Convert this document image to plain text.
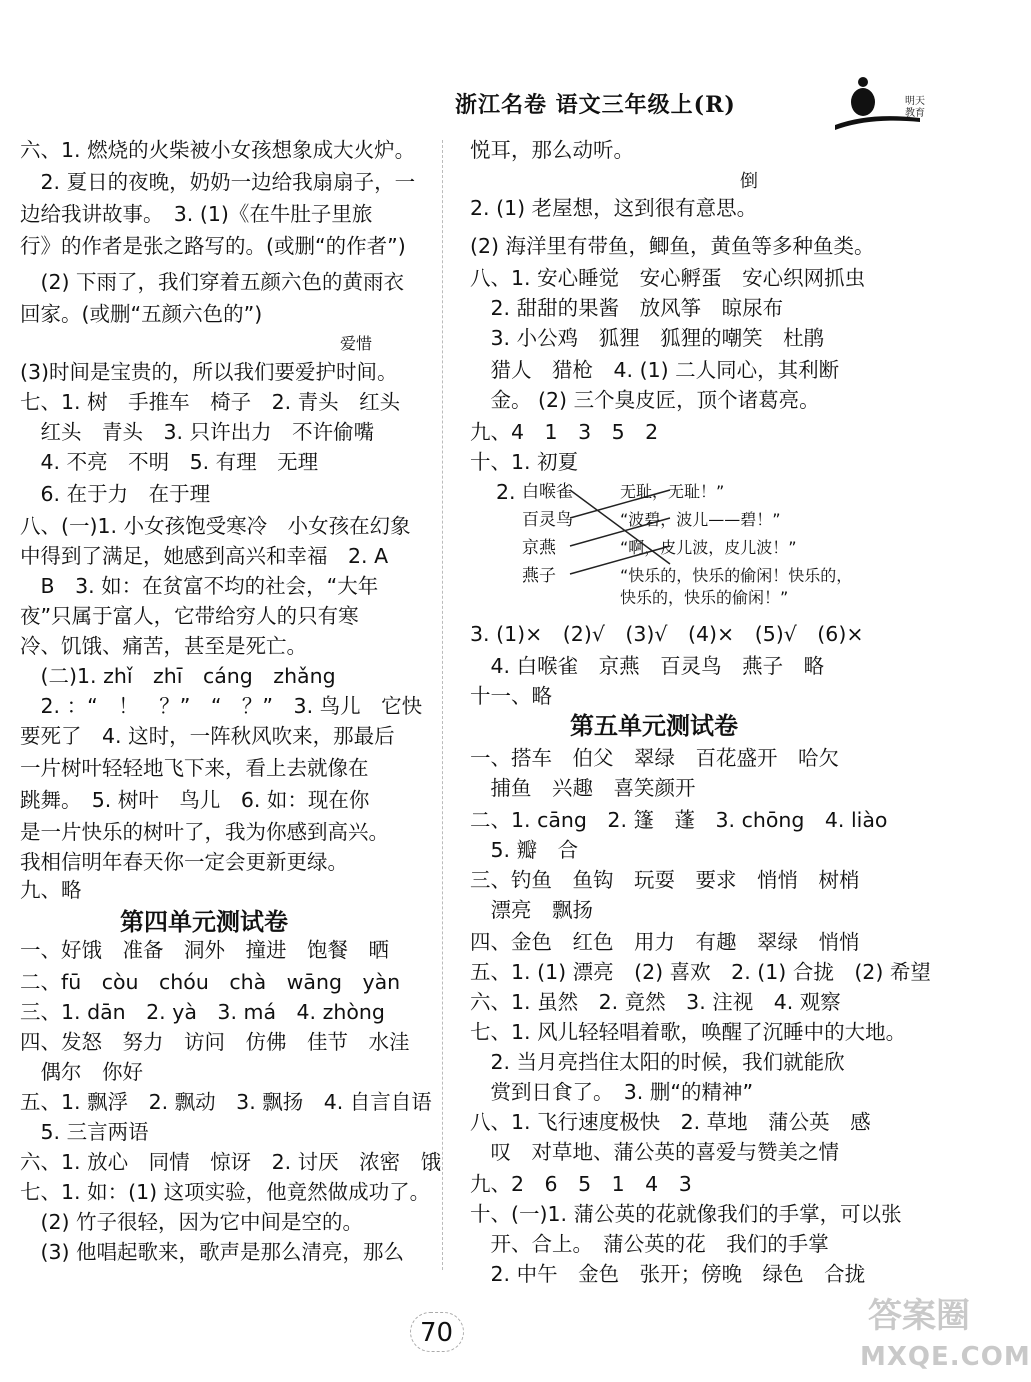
浙江名卷 语文三年级上(R)	明天
教育
六、1. 燃烧的火柴被小女孩想象成大火炉。
　2. 夏日的夜晚，奶奶一边给我扇扇子，一
边给我讲故事。　3. (1)《在牛肚子里旅
行》的作者是张之路写的。(或删“的作者”)
　(2) 下雨了，我们穿着五颜六色的黄雨衣
回家。(或删“五颜六色的”)
爱惜
(3)时间是宝贵的，所以我们要爱护时间。
七、1. 树　手推车　椅子　2. 青头　红头
　红头　青头　3. 只许出力　不许偷嘴
　4. 不亮　不明　5. 有理　无理
　6. 在于力　在于理
八、(一)1. 小女孩饱受寒冷　小女孩在幻象
中得到了满足，她感到高兴和幸福　2. A
　B　3. 如：在贫富不均的社会，“大年
夜”只属于富人，它带给穷人的只有寒
冷、饥饿、痛苦，甚至是死亡。
　(二)1. zhǐ　zhī　cáng　zhǎng
　2. ：“　！　？”　“　？”　3. 鸟儿　它快
要死了　4. 这时，一阵秋风吹来，那最后
一片树叶轻轻地飞下来，看上去就像在
跳舞。　5. 树叶　鸟儿　6. 如：现在你
是一片快乐的树叶了，我为你感到高兴。
我相信明年春天你一定会更新更绿。
九、略
第四单元测试卷
一、好饿　准备　洞外　撞进　饱餐　晒
二、fū　còu　chóu　chà　wāng　yàn
三、1. dān　2. yà　3. má　4. zhòng
四、发怒　努力　访问　仿佛　佳节　水洼
　偶尔　你好
五、1. 飘浮　2. 飘动　3. 飘扬　4. 自言自语
　5. 三言两语
六、1. 放心　同情　惊讶　2. 讨厌　浓密　饿
七、1. 如：(1) 这项实验，他竟然做成功了。
　(2) 竹子很轻，因为它中间是空的。
　(3) 他唱起歌来，歌声是那么清亮，那么
悦耳，那么动听。
倒
2. (1) 老屋想，这到很有意思。
(2) 海洋里有带鱼，鲫鱼，黄鱼等多种鱼类。
八、1. 安心睡觉　安心孵蛋　安心织网抓虫
　2. 甜甜的果酱　放风筝　晾尿布
　3. 小公鸡　狐狸　狐狸的嘲笑　杜鹃
　猎人　猎枪　4. (1) 二人同心，其利断
　金。 (2) 三个臭皮匠，顶个诸葛亮。
九、4　1　3　5　2
十、1. 初夏
2. 白喉雀
百灵鸟
京燕
燕子
无耻，无耻！”
“波碧，波儿——碧！”
“啊，皮儿波，皮儿波！”
“快乐的，快乐的偷闲！快乐的，
快乐的，快乐的偷闲！”
3. (1)×　(2)√　(3)√　(4)×　(5)√　(6)×
　4. 白喉雀　京燕　百灵鸟　燕子　略
十一、略
第五单元测试卷
一、搭车　伯父　翠绿　百花盛开　哈欠
　捕鱼　兴趣　喜笑颜开
二、1. cāng　2. 篷　蓬　3. chōng　4. liào
　5. 瓣　合
三、钓鱼　鱼钩　玩耍　要求　悄悄　树梢
　漂亮　飘扬
四、金色　红色　用力　有趣　翠绿　悄悄
五、1. (1) 漂亮　(2) 喜欢　2. (1) 合拢　(2) 希望
六、1. 虽然　2. 竟然　3. 注视　4. 观察
七、1. 风儿轻轻唱着歌，唤醒了沉睡中的大地。
　2. 当月亮挡住太阳的时候，我们就能欣
　赏到日食了。　3. 删“的精神”
八、1. 飞行速度极快　2. 草地　蒲公英　感
　叹　对草地、蒲公英的喜爱与赞美之情
九、2　6　5　1　4　3
十、(一)1. 蒲公英的花就像我们的手掌，可以张
　开、合上。　蒲公英的花　我们的手掌
　2. 中午　金色　张开；傍晚　绿色　合拢
70	答案圈
MXQE.COM
